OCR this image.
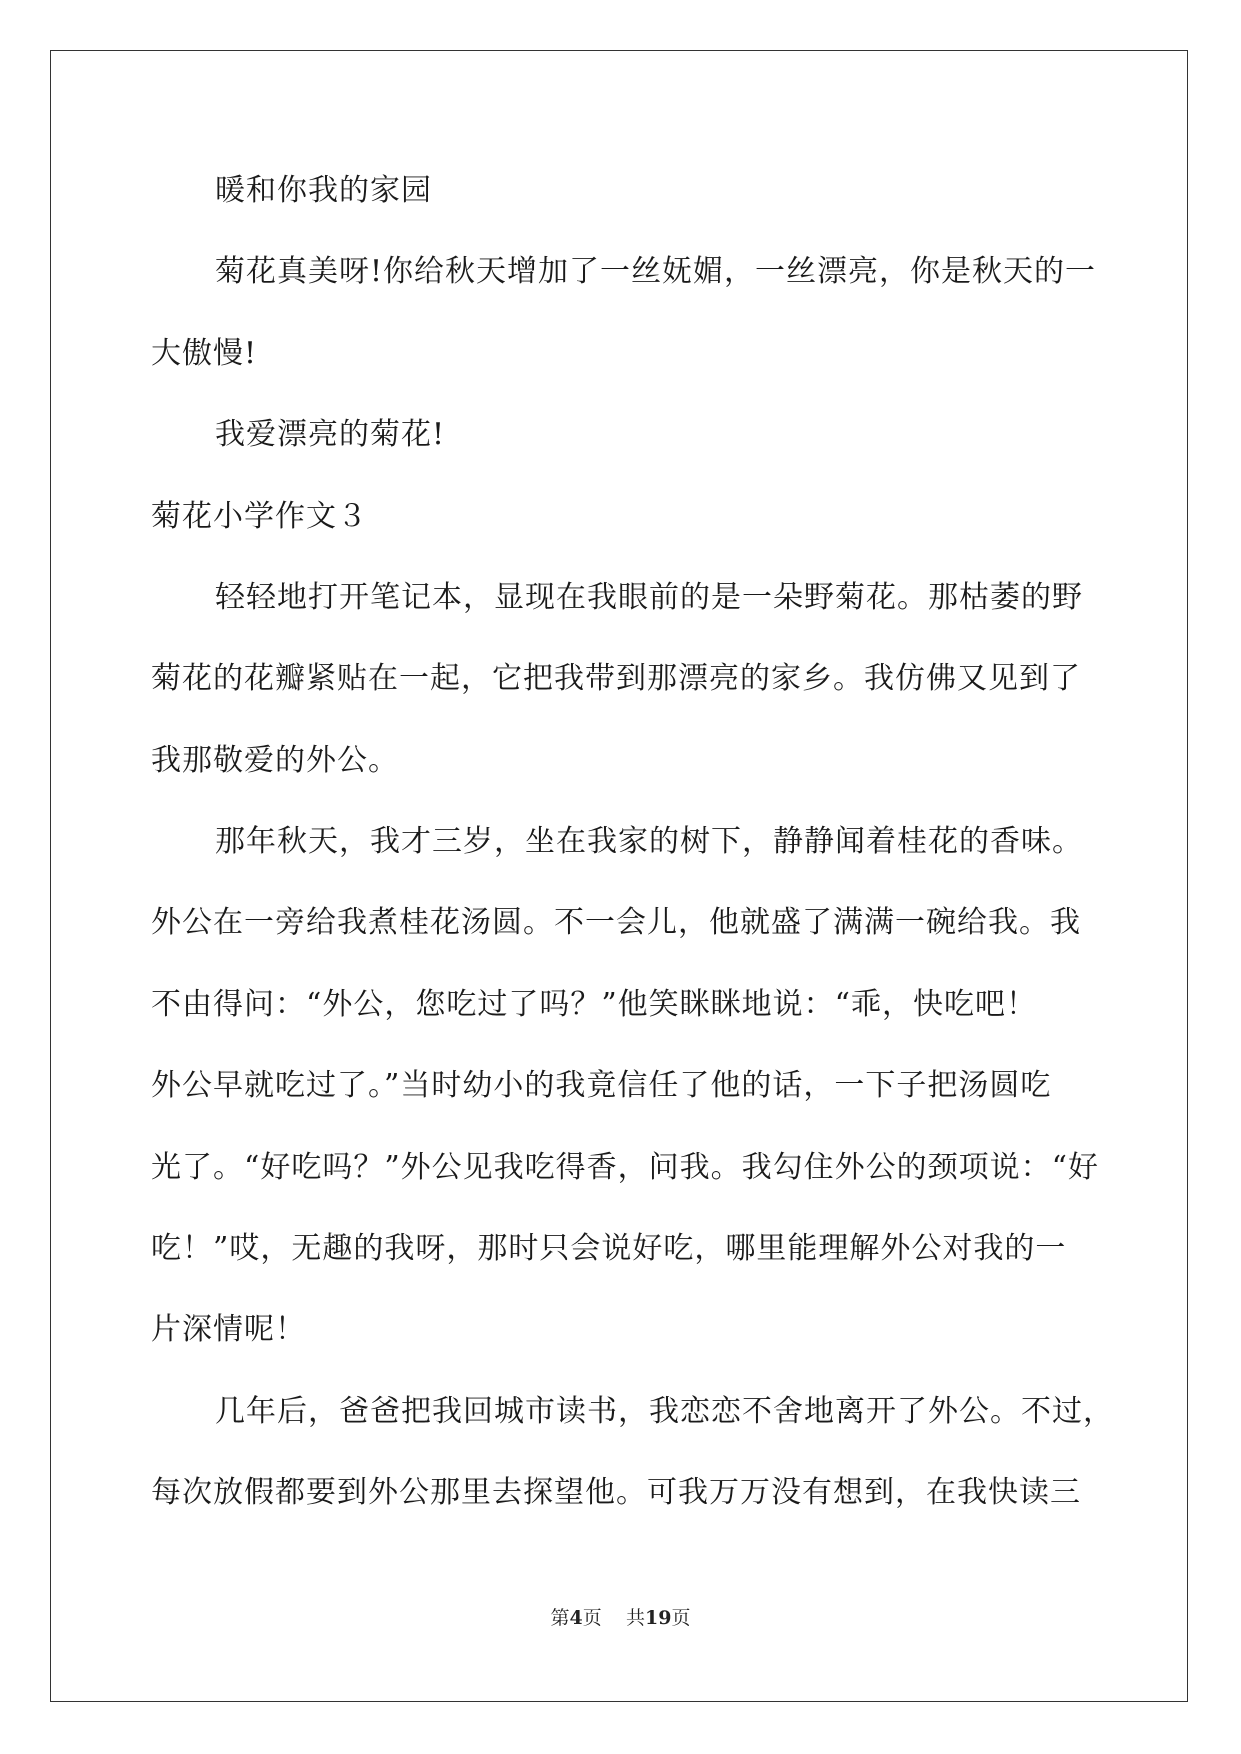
暖和你我的家园
菊花真美呀!你给秋天增加了一丝妩媚，一丝漂亮，你是秋天的一
大傲慢!
我爱漂亮的菊花!
菊花小学作文３
轻轻地打开笔记本，显现在我眼前的是一朵野菊花。那枯萎的野
菊花的花瓣紧贴在一起，它把我带到那漂亮的家乡。我仿佛又见到了
我那敬爱的外公。
那年秋天，我才三岁，坐在我家的树下，静静闻着桂花的香味。
外公在一旁给我煮桂花汤圆。不一会儿，他就盛了满满一碗给我。我
不由得问：“外公，您吃过了吗？”他笑眯眯地说：“乖，快吃吧！
外公早就吃过了。”当时幼小的我竟信任了他的话，一下子把汤圆吃
光了。“好吃吗？”外公见我吃得香，问我。我勾住外公的颈项说：“好
吃！”哎，无趣的我呀，那时只会说好吃，哪里能理解外公对我的一
片深情呢！
几年后，爸爸把我回城市读书，我恋恋不舍地离开了外公。不过，
每次放假都要到外公那里去探望他。可我万万没有想到，在我快读三
第4页 共19页
